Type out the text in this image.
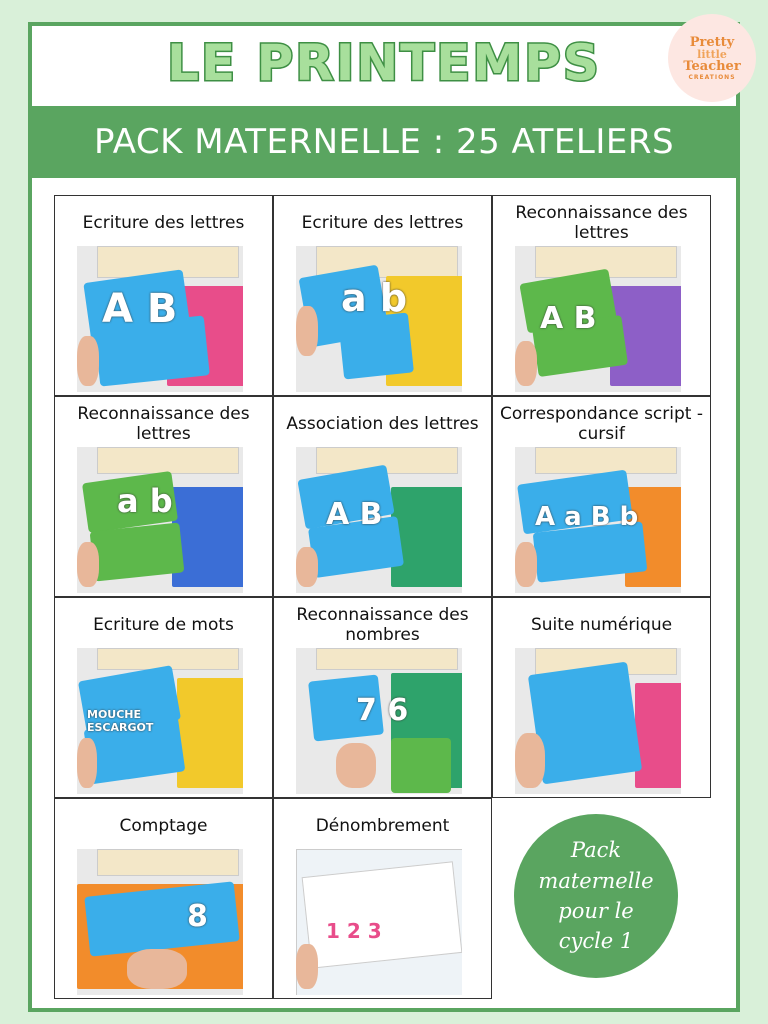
LE PRINTEMPS	Pretty
little
Teacher
CREATIONS
PACK MATERNELLE : 25 ATELIERS
Ecriture des lettres
A B
Ecriture des lettres
a b
Reconnaissance des lettres
A B
Reconnaissance des lettres
a b
Association des lettres
A B
Correspondance script - cursif
A a B b
Ecriture de mots
MOUCHE ESCARGOT
Reconnaissance des nombres
7 6
Suite numérique
Comptage
8
Dénombrement
1 2 3
Pack
maternelle
pour le
cycle 1
